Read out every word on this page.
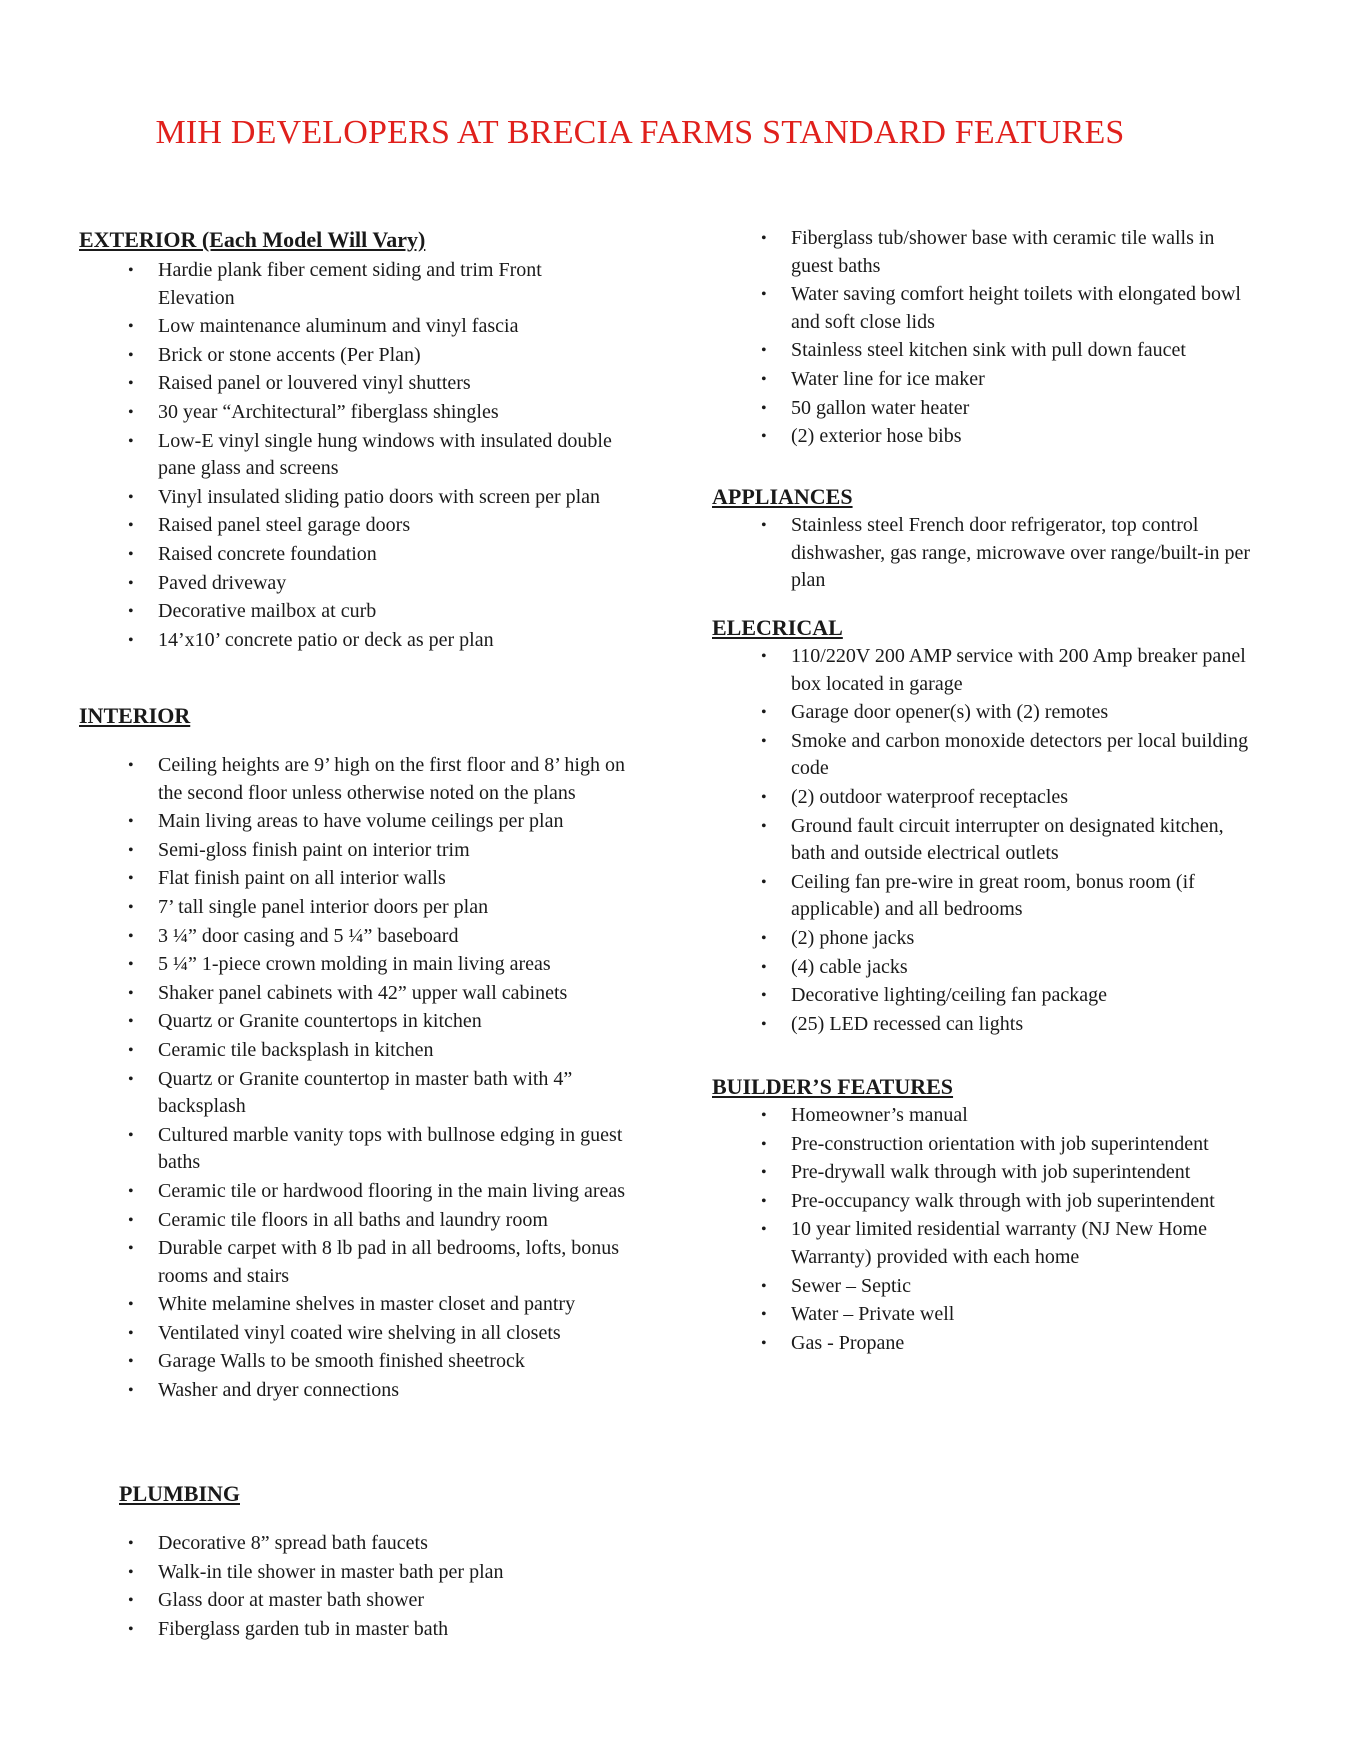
MIH DEVELOPERS AT BRECIA FARMS STANDARD FEATURES
EXTERIOR (Each Model Will Vary)
• Hardie plank fiber cement siding and trim Front Elevation
• Low maintenance aluminum and vinyl fascia
• Brick or stone accents (Per Plan)
• Raised panel or louvered vinyl shutters
• 30 year “Architectural” fiberglass shingles
• Low-E vinyl single hung windows with insulated double pane glass and screens
• Vinyl insulated sliding patio doors with screen per plan
• Raised panel steel garage doors
• Raised concrete foundation
• Paved driveway
• Decorative mailbox at curb
• 14’x10’ concrete patio or deck as per plan
INTERIOR
• Ceiling heights are 9’ high on the first floor and 8’ high on the second floor unless otherwise noted on the plans
• Main living areas to have volume ceilings per plan
• Semi-gloss finish paint on interior trim
• Flat finish paint on all interior walls
• 7’ tall single panel interior doors per plan
• 3 ¼” door casing and 5 ¼” baseboard
• 5 ¼” 1-piece crown molding in main living areas
• Shaker panel cabinets with 42” upper wall cabinets
• Quartz or Granite countertops in kitchen
• Ceramic tile backsplash in kitchen
• Quartz or Granite countertop in master bath with 4” backsplash
• Cultured marble vanity tops with bullnose edging in guest baths
• Ceramic tile or hardwood flooring in the main living areas
• Ceramic tile floors in all baths and laundry room
• Durable carpet with 8 lb pad in all bedrooms, lofts, bonus rooms and stairs
• White melamine shelves in master closet and pantry
• Ventilated vinyl coated wire shelving in all closets
• Garage Walls to be smooth finished sheetrock
• Washer and dryer connections
PLUMBING
• Decorative 8” spread bath faucets
• Walk-in tile shower in master bath per plan
• Glass door at master bath shower
• Fiberglass garden tub in master bath
• Fiberglass tub/shower base with ceramic tile walls in guest baths
• Water saving comfort height toilets with elongated bowl and soft close lids
• Stainless steel kitchen sink with pull down faucet
• Water line for ice maker
• 50 gallon water heater
• (2) exterior hose bibs
APPLIANCES
• Stainless steel French door refrigerator, top control dishwasher, gas range, microwave over range/built-in per plan
ELECRICAL
• 110/220V 200 AMP service with 200 Amp breaker panel box located in garage
• Garage door opener(s) with (2) remotes
• Smoke and carbon monoxide detectors per local building code
• (2) outdoor waterproof receptacles
• Ground fault circuit interrupter on designated kitchen, bath and outside electrical outlets
• Ceiling fan pre-wire in great room, bonus room (if applicable) and all bedrooms
• (2) phone jacks
• (4) cable jacks
• Decorative lighting/ceiling fan package
• (25) LED recessed can lights
BUILDER’S FEATURES
• Homeowner’s manual
• Pre-construction orientation with job superintendent
• Pre-drywall walk through with job superintendent
• Pre-occupancy walk through with job superintendent
• 10 year limited residential warranty (NJ New Home Warranty) provided with each home
• Sewer – Septic
• Water – Private well
• Gas - Propane
